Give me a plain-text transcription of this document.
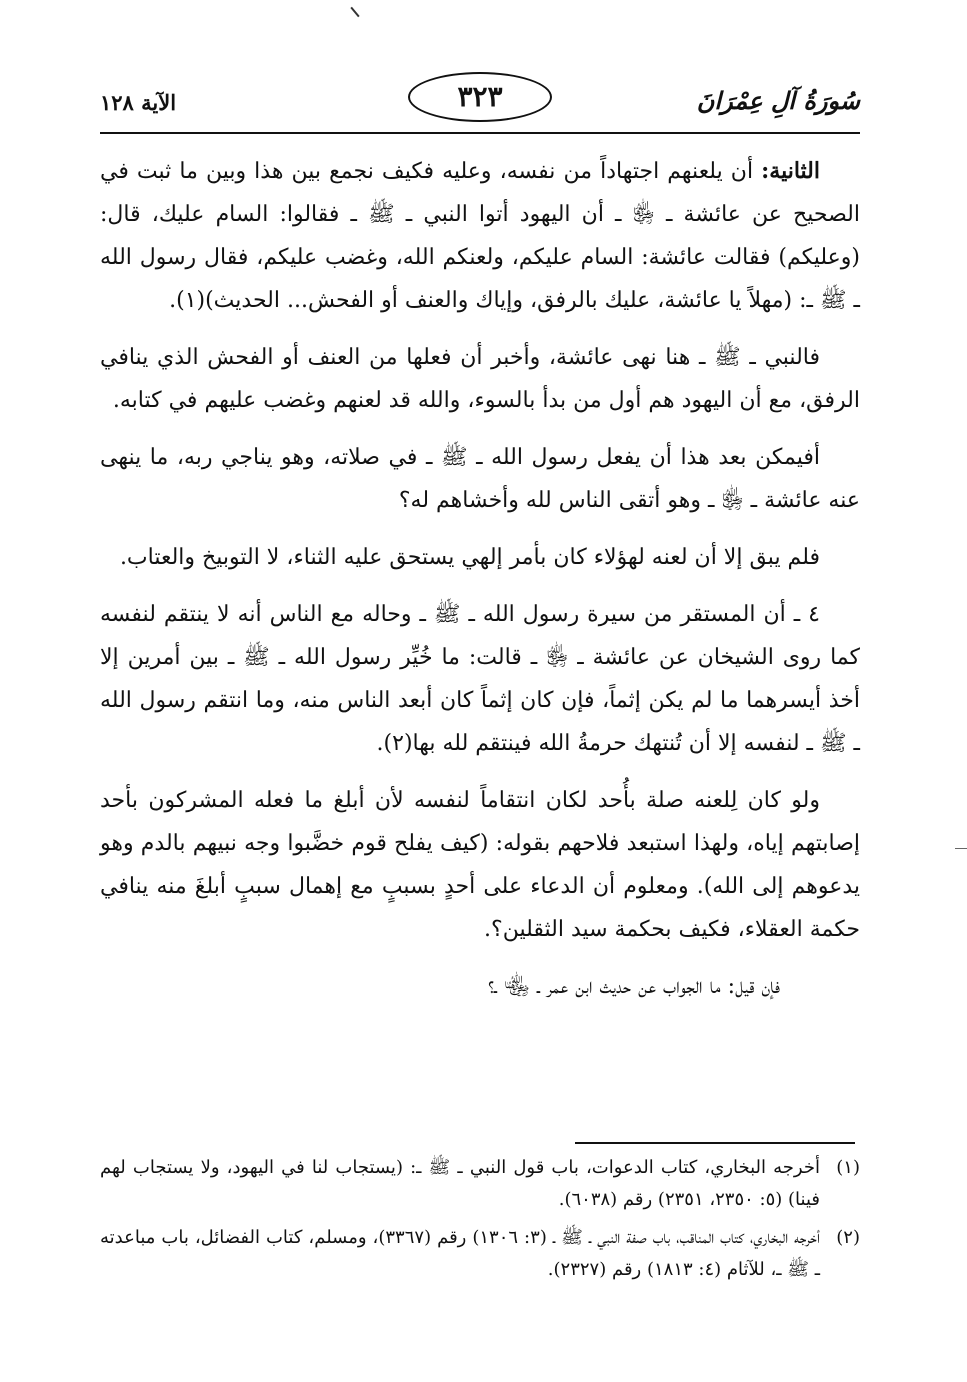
سُورَةُ آلِ عِمْرَانَ
٣٢٣
الآية ١٢٨

الثانية: أن يلعنهم اجتهاداً من نفسه، وعليه فكيف نجمع بين هذا وبين ما ثبت في الصحيح عن عائشة ـ ﵂ ـ أن اليهود أتوا النبي ـ ﷺ ـ فقالوا: السام عليك، قال: (وعليكم) فقالت عائشة: السام عليكم، ولعنكم الله، وغضب عليكم، فقال رسول الله ـ ﷺ ـ: (مهلاً يا عائشة، عليك بالرفق، وإياك والعنف أو الفحش... الحديث)(١).

فالنبي ـ ﷺ ـ هنا نهى عائشة، وأخبر أن فعلها من العنف أو الفحش الذي ينافي الرفق، مع أن اليهود هم أول من بدأ بالسوء، والله قد لعنهم وغضب عليهم في كتابه.

أفيمكن بعد هذا أن يفعل رسول الله ـ ﷺ ـ في صلاته، وهو يناجي ربه، ما ينهى عنه عائشة ـ ﵂ ـ وهو أتقى الناس لله وأخشاهم له؟

فلم يبق إلا أن لعنه لهؤلاء كان بأمر إلهي يستحق عليه الثناء، لا التوبيخ والعتاب.

٤ ـ أن المستقر من سيرة رسول الله ـ ﷺ ـ وحاله مع الناس أنه لا ينتقم لنفسه كما روى الشيخان عن عائشة ـ ﵂ ـ قالت: ما خُيِّر رسول الله ـ ﷺ ـ بين أمرين إلا أخذ أيسرهما ما لم يكن إثماً، فإن كان إثماً كان أبعد الناس منه، وما انتقم رسول الله ـ ﷺ ـ لنفسه إلا أن تُنتهك حرمةُ الله فينتقم لله بها(٢).

ولو كان لِلعنه صلة بأُحد لكان انتقاماً لنفسه لأن أبلغ ما فعله المشركون بأحد إصابتهم إياه، ولهذا استبعد فلاحهم بقوله: (كيف يفلح قوم خضَّبوا وجه نبيهم بالدم وهو يدعوهم إلى الله). ومعلوم أن الدعاء على أحدٍ بسببٍ مع إهمال سببٍ أبلغَ منه ينافي حكمة العقلاء، فكيف بحكمة سيد الثقلين؟.

فإن قيل: ما الجواب عن حديث ابن عمر ـ ﵄ ـ؟

(١)
أخرجه البخاري، كتاب الدعوات، باب قول النبي ـ ﷺ ـ: (يستجاب لنا في اليهود، ولا يستجاب لهم فينا) (٥: ٢٣٥٠، ٢٣٥١) رقم (٦٠٣٨).
(٢)
أخرجه البخاري، كتاب المناقب، باب صفة النبي ـ ﷺ ـ (٣: ١٣٠٦) رقم (٣٣٦٧)، ومسلم، كتاب الفضائل، باب مباعدته ـ ﷺ ـ، للآثام (٤: ١٨١٣) رقم (٢٣٢٧).
